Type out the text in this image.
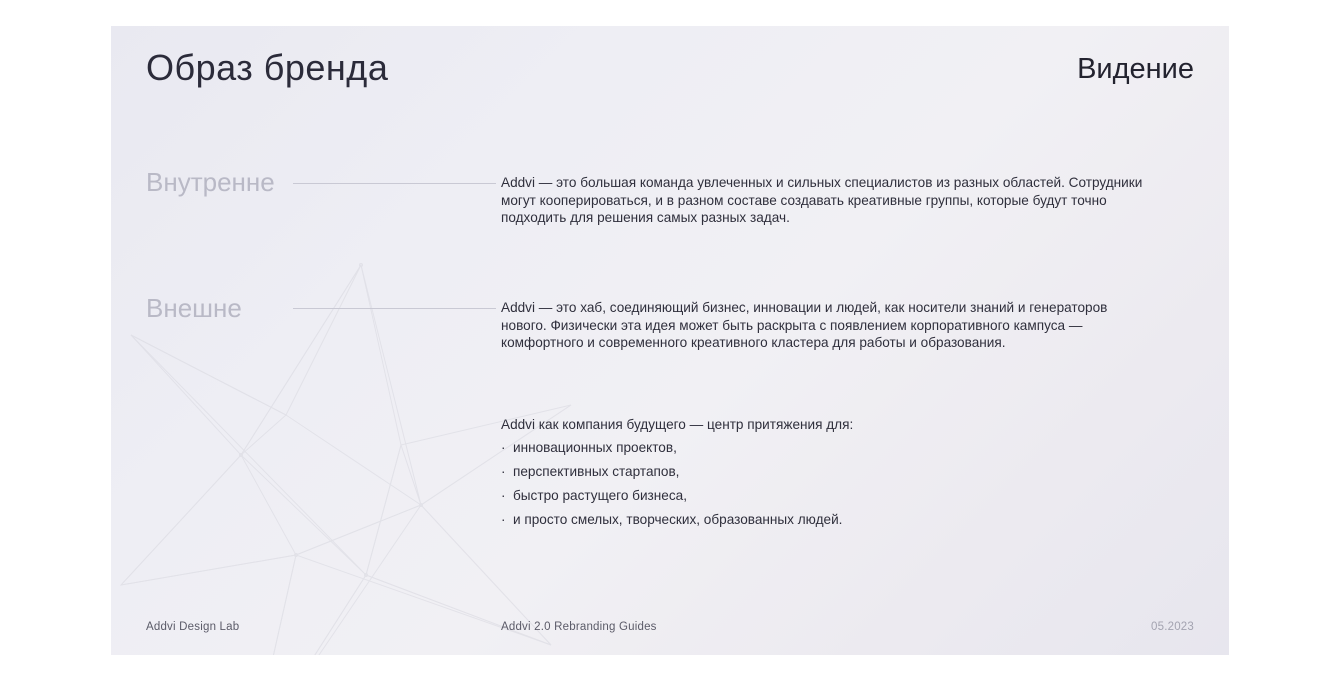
Образ бренда	Видение
Внутренне	Addvi — это большая команда увлеченных и сильных специалистов из разных областей. Сотрудники могут кооперироваться, и в разном составе создавать креативные группы, которые будут точно подходить для решения самых разных задач.
Внешне	Addvi — это хаб, соединяющий бизнес, инновации и людей, как носители знаний и генераторов нового. Физически эта идея может быть раскрыта с появлением корпоративного кампуса — комфортного и современного креативного кластера для работы и образования.
Addvi как компания будущего — центр притяжения для:
· инновационных проектов,
· перспективных стартапов,
· быстро растущего бизнеса,
· и просто смелых, творческих, образованных людей.
Addvi Design Lab	Addvi 2.0 Rebranding Guides	05.2023
